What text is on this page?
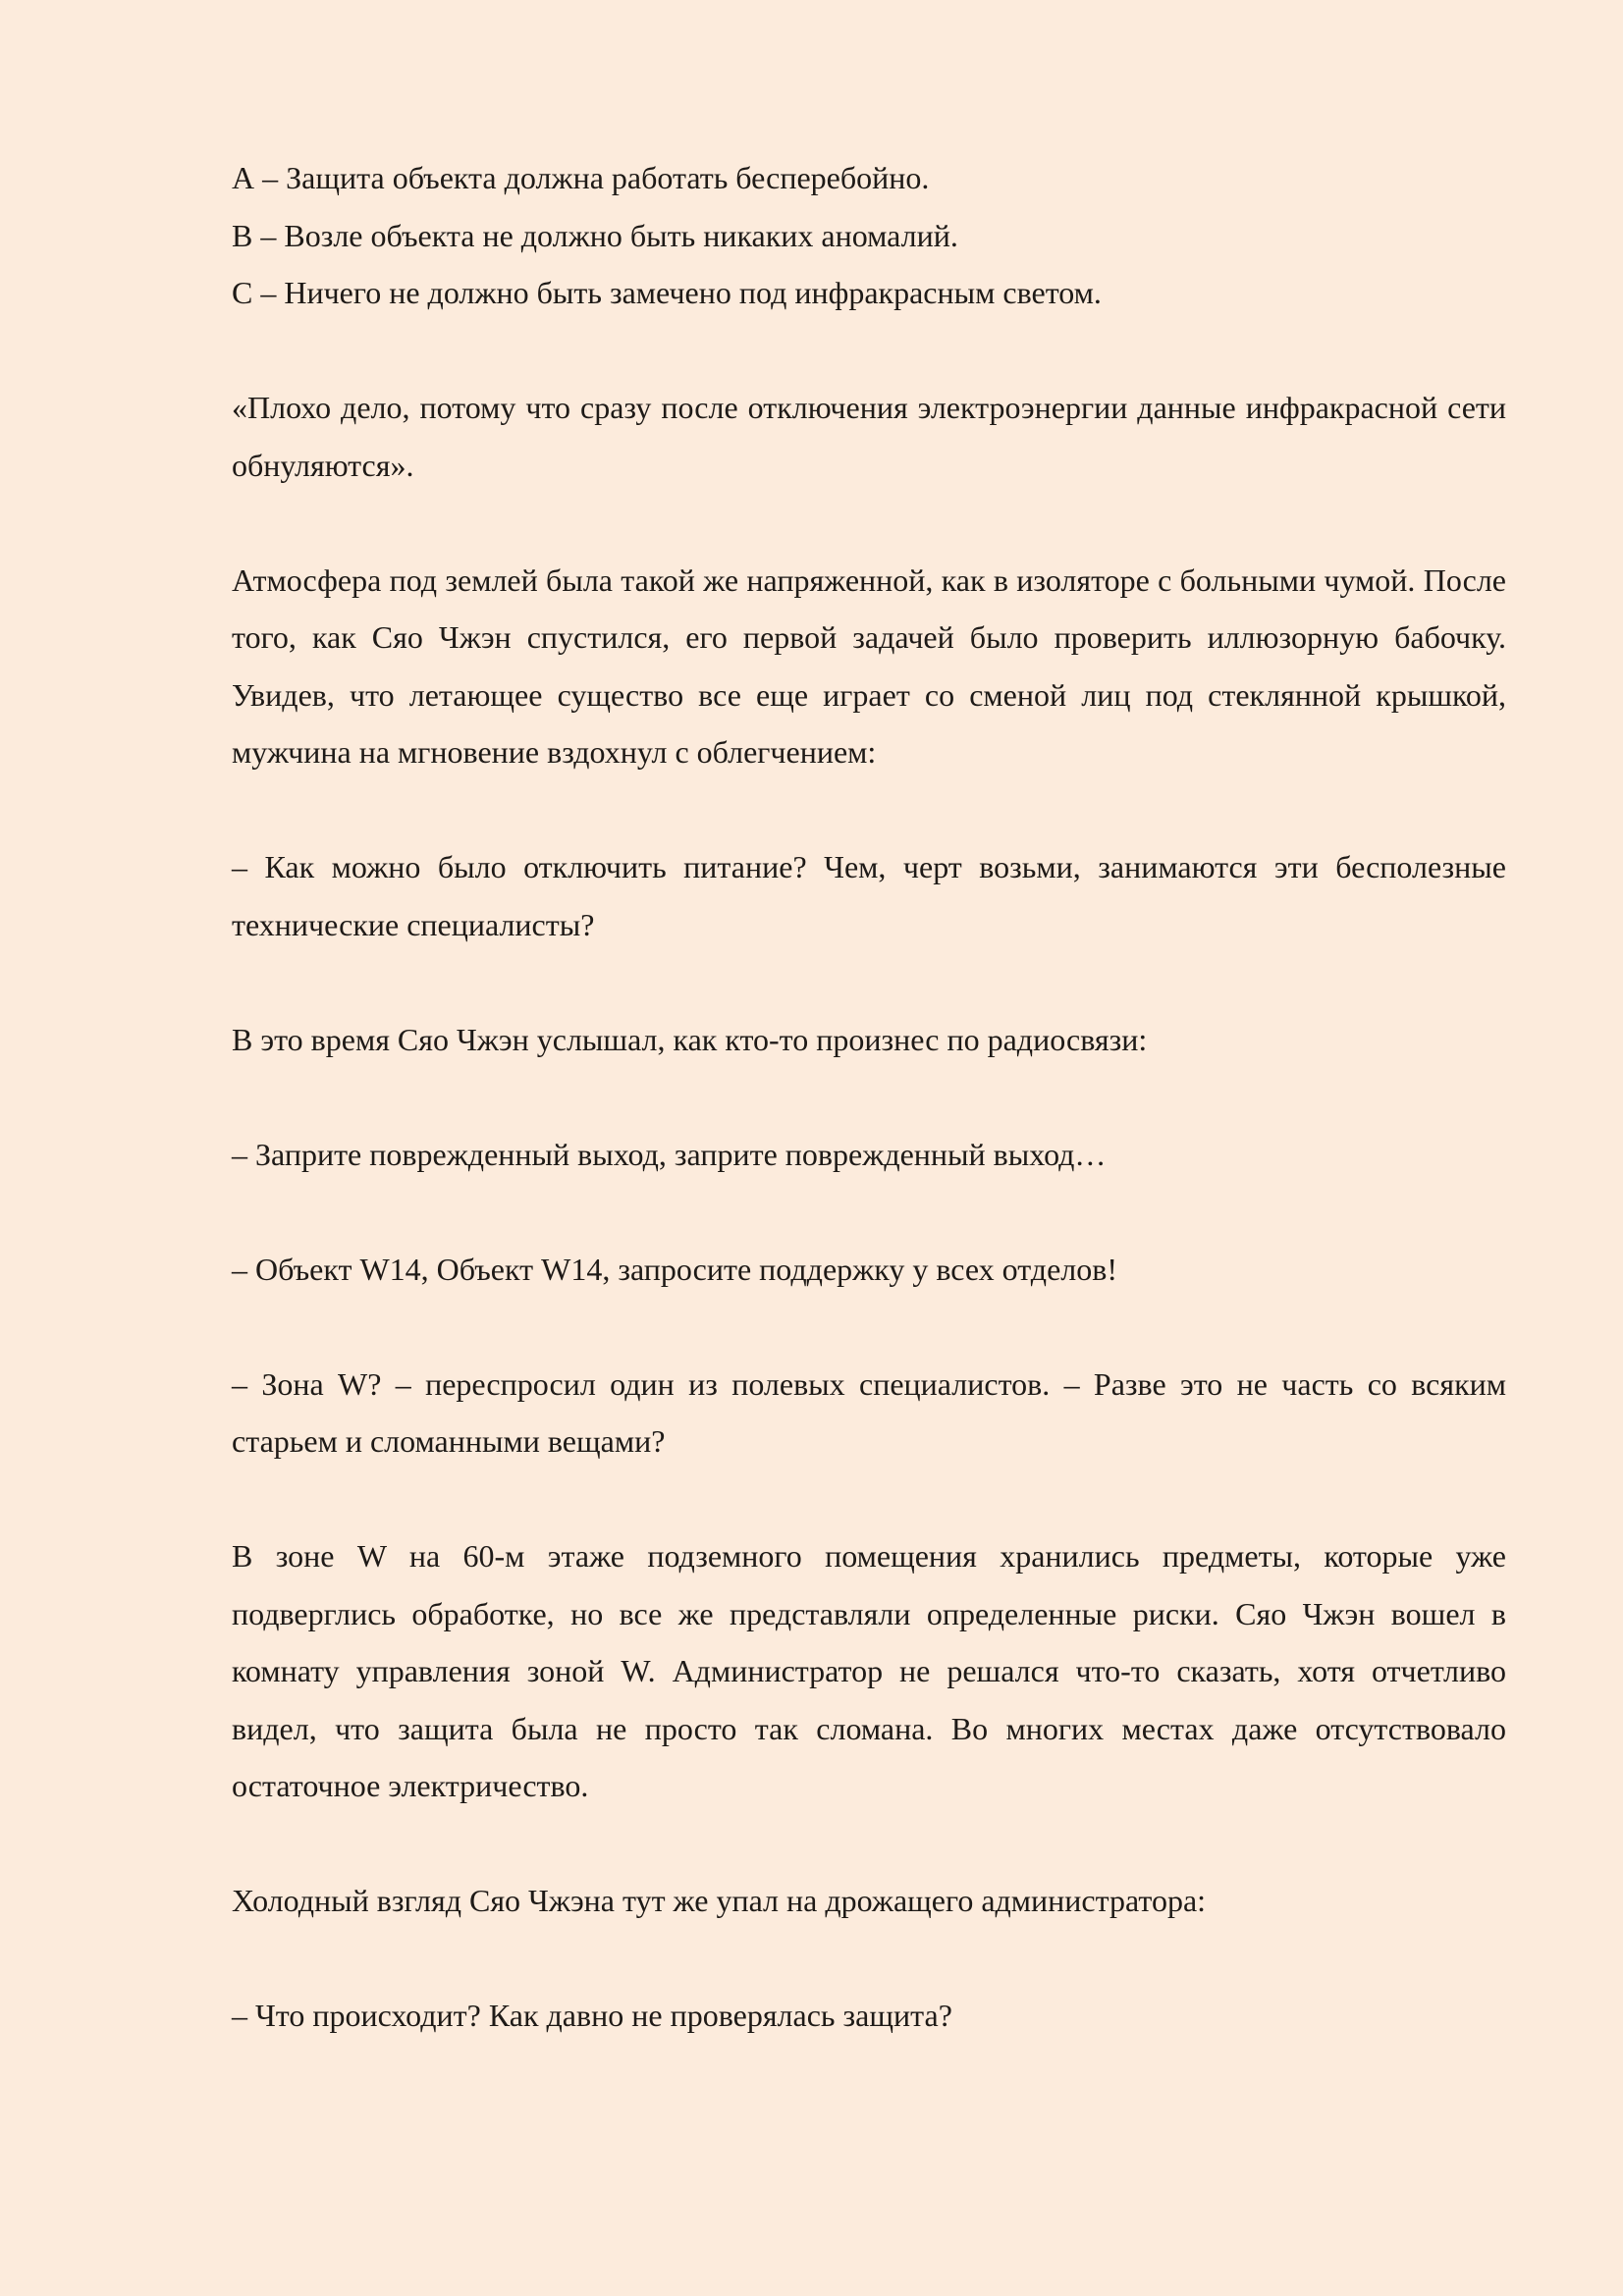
А – Защита объекта должна работать бесперебойно.

В – Возле объекта не должно быть никаких аномалий.

С – Ничего не должно быть замечено под инфракрасным светом.

«Плохо дело, потому что сразу после отключения электроэнергии данные инфракрасной сети обнуляются».

Атмосфера под землей была такой же напряженной, как в изоляторе с больными чумой. После того, как Сяо Чжэн спустился, его первой задачей было проверить иллюзорную бабочку. Увидев, что летающее существо все еще играет со сменой лиц под стеклянной крышкой, мужчина на мгновение вздохнул с облегчением:

– Как можно было отключить питание? Чем, черт возьми, занимаются эти бесполезные технические специалисты?

В это время Сяо Чжэн услышал, как кто-то произнес по радиосвязи:

– Заприте поврежденный выход, заприте поврежденный выход…

– Объект W14, Объект W14, запросите поддержку у всех отделов!

– Зона W? – переспросил один из полевых специалистов. – Разве это не часть со всяким старьем и сломанными вещами?

В зоне W на 60-м этаже подземного помещения хранились предметы, которые уже подверглись обработке, но все же представляли определенные риски. Сяо Чжэн вошел в комнату управления зоной W. Администратор не решался что-то сказать, хотя отчетливо видел, что защита была не просто так сломана. Во многих местах даже отсутствовало остаточное электричество.

Холодный взгляд Сяо Чжэна тут же упал на дрожащего администратора:

– Что происходит? Как давно не проверялась защита?
